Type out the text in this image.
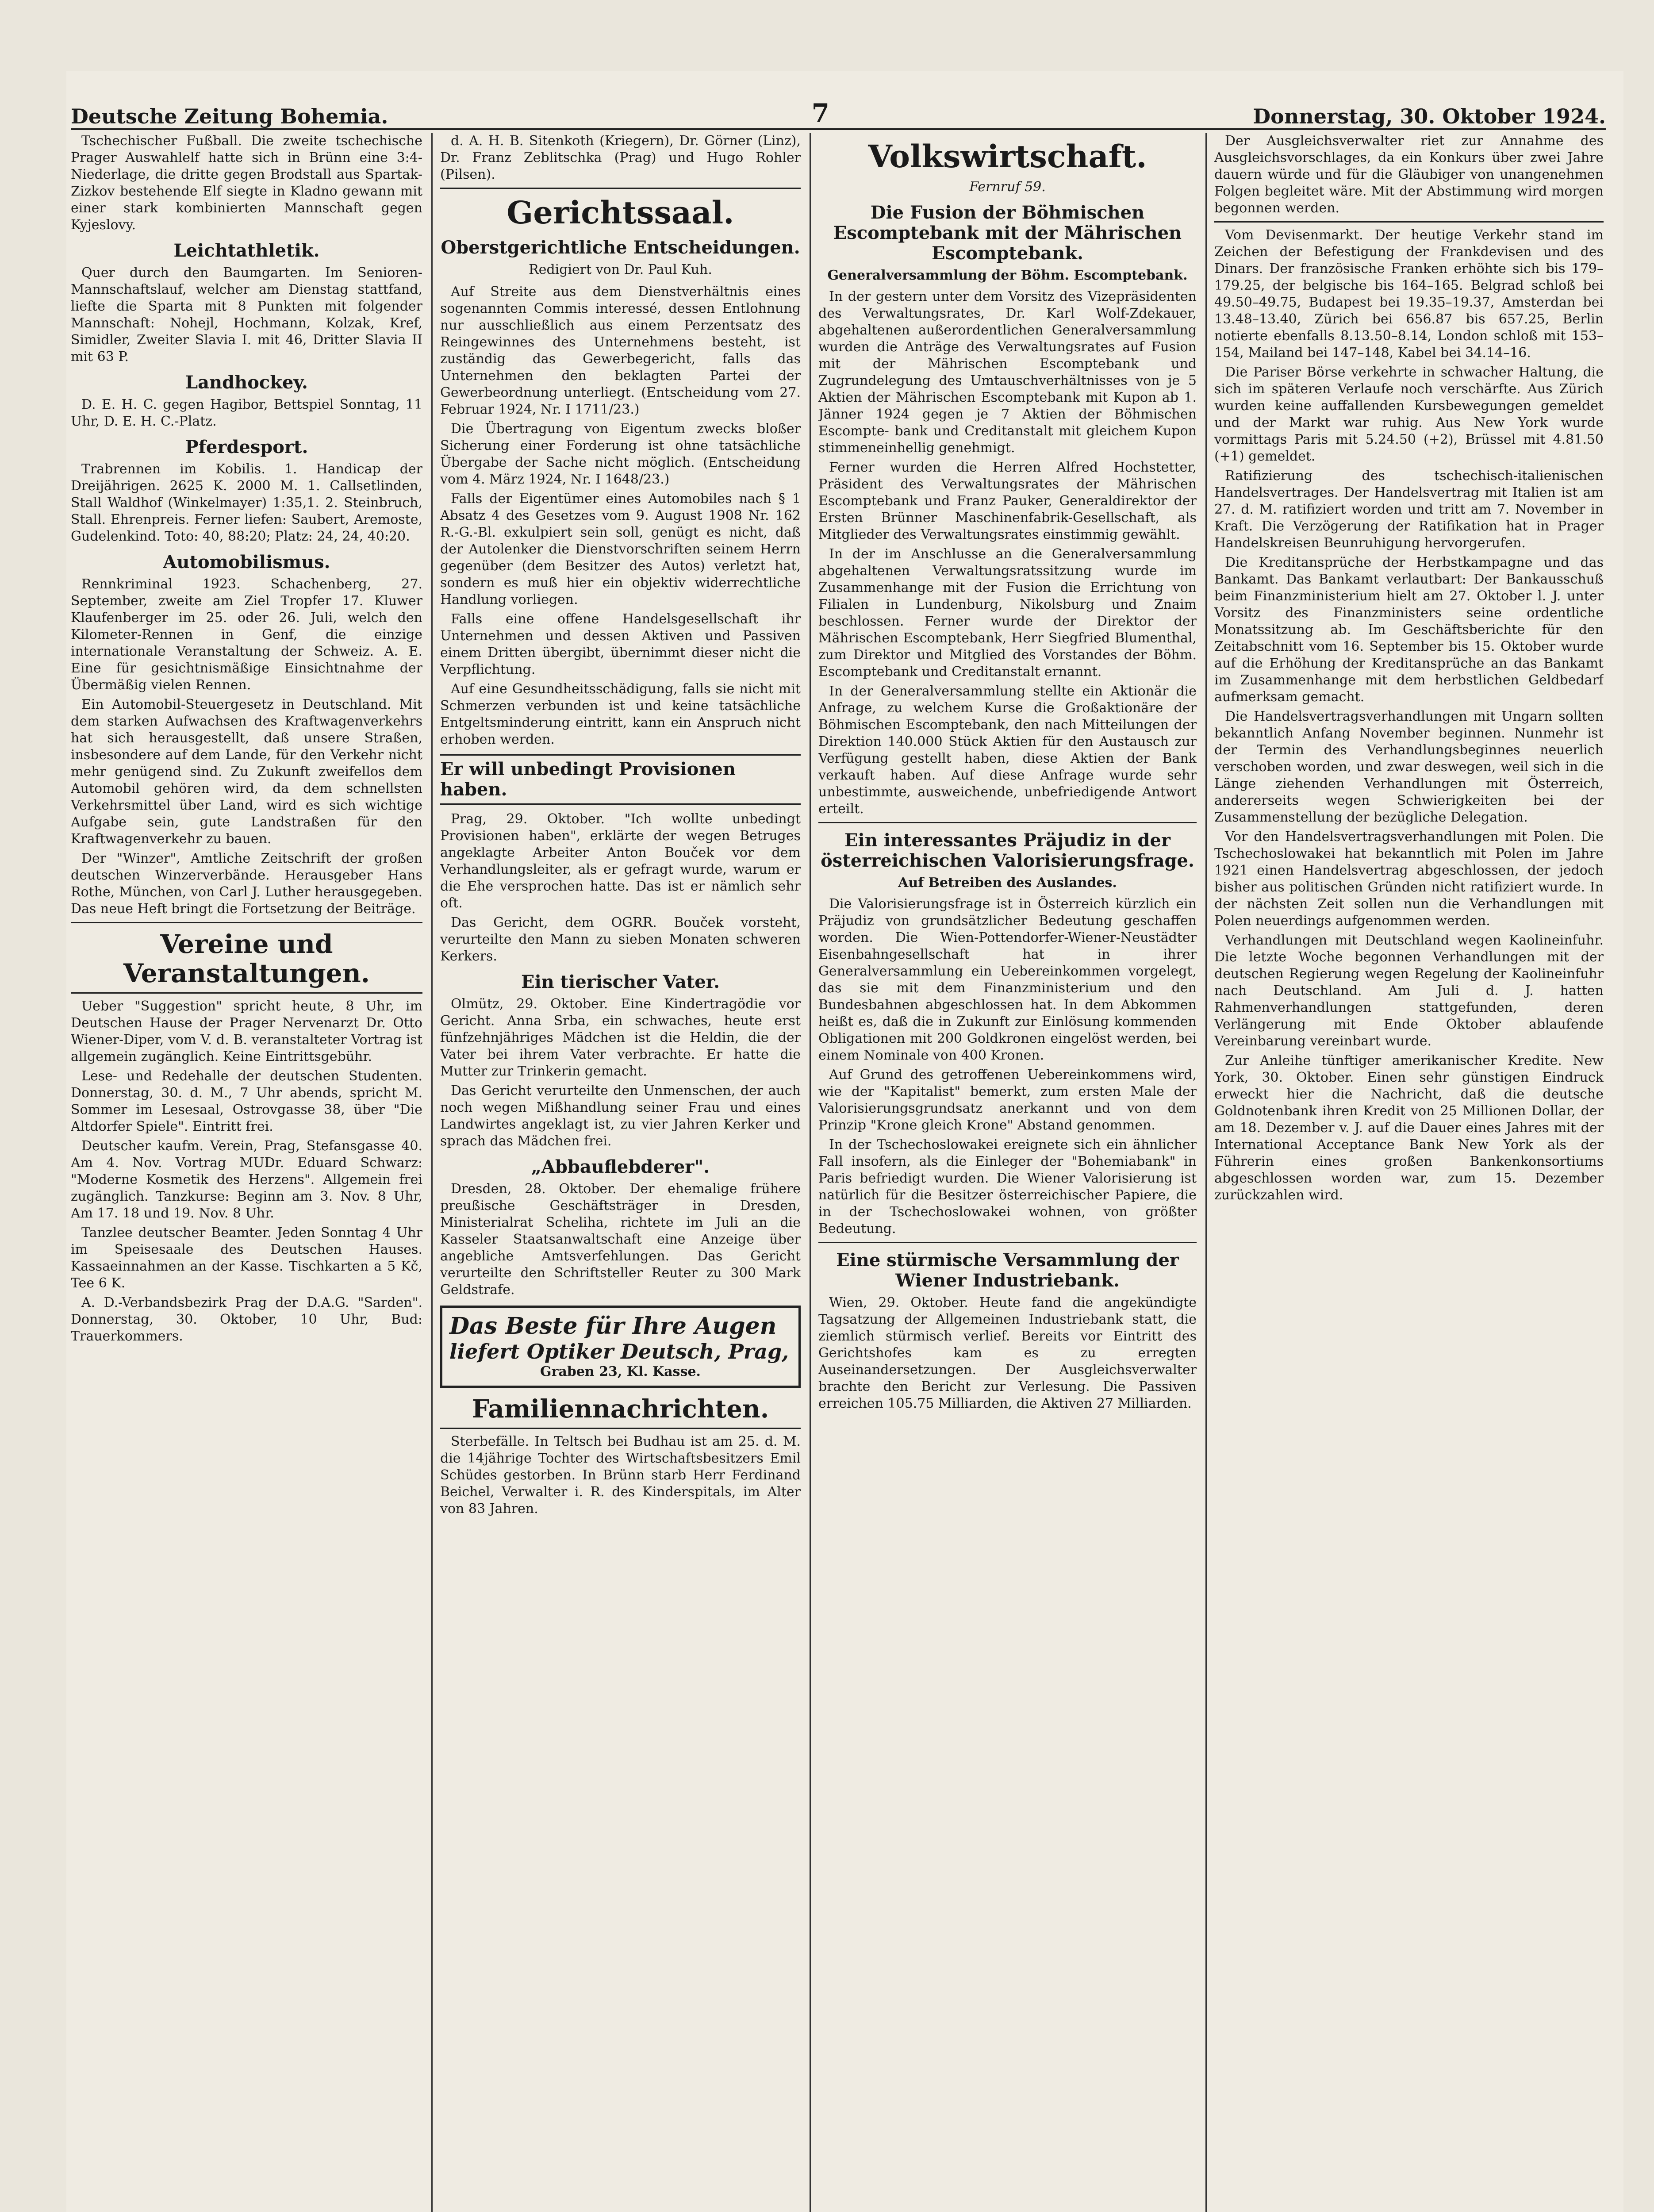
Deutsche Zeitung Bohemia.	7	Donnerstag, 30. Oktober 1924.

Tschechischer Fußball. Die zweite tschechische Prager Auswahlelf hatte sich in Brünn eine 3:4-Niederlage, die dritte gegen Brodstall aus Spartak-Zizkov bestehende Elf siegte in Kladno gewann mit einer stark kombinierten Mannschaft gegen Kyjeslovy.

Leichtathletik.

Quer durch den Baumgarten. Im Senioren-Mannschaftslauf, welcher am Dienstag stattfand, liefte die Sparta mit 8 Punkten mit folgender Mannschaft: Nohejl, Hochmann, Kolzak, Kref, Simidler, Zweiter Slavia I. mit 46, Dritter Slavia II mit 63 P.

Landhockey.

D. E. H. C. gegen Hagibor, Bettspiel Sonntag, 11 Uhr, D. E. H. C.-Platz.

Pferdesport.

Trabrennen im Kobilis. 1. Handicap der Dreijährigen. 2625 K. 2000 M. 1. Callsetlinden, Stall Waldhof (Winkelmayer) 1:35,1. 2. Steinbruch, Stall. Ehrenpreis. Ferner liefen: Saubert, Aremoste, Gudelenkind. Toto: 40, 88:20; Platz: 24, 24, 40:20.

Automobilismus.

Rennkriminal 1923. Schachenberg, 27. September, zweite am Ziel Tropfer 17. Kluwer Klaufenberger im 25. oder 26. Juli, welch den Kilometer-Rennen in Genf, die einzige internationale Veranstaltung der Schweiz. A. E. Eine für gesichtnismäßige Einsichtnahme der Übermäßig vielen Rennen.

Ein Automobil-Steuergesetz in Deutschland. Mit dem starken Aufwachsen des Kraftwagenverkehrs hat sich herausgestellt, daß unsere Straßen, insbesondere auf dem Lande, für den Verkehr nicht mehr genügend sind. Zu Zukunft zweifellos dem Automobil gehören wird, da dem schnellsten Verkehrsmittel über Land, wird es sich wichtige Aufgabe sein, gute Landstraßen für den Kraftwagenverkehr zu bauen.

Der "Winzer", Amtliche Zeitschrift der großen deutschen Winzerverbände. Herausgeber Hans Rothe, München, von Carl J. Luther herausgegeben. Das neue Heft bringt die Fortsetzung der Beiträge.

Vereine und Veranstaltungen.

Ueber "Suggestion" spricht heute, 8 Uhr, im Deutschen Hause der Prager Nervenarzt Dr. Otto Wiener-Diper, vom V. d. B. veranstalteter Vortrag ist allgemein zugänglich. Keine Eintrittsgebühr.

Lese- und Redehalle der deutschen Studenten. Donnerstag, 30. d. M., 7 Uhr abends, spricht M. Sommer im Lesesaal, Ostrovgasse 38, über "Die Altdorfer Spiele". Eintritt frei.

Deutscher kaufm. Verein, Prag, Stefansgasse 40. Am 4. Nov. Vortrag MUDr. Eduard Schwarz: "Moderne Kosmetik des Herzens". Allgemein frei zugänglich. Tanzkurse: Beginn am 3. Nov. 8 Uhr, Am 17. 18 und 19. Nov. 8 Uhr.

Tanzlee deutscher Beamter. Jeden Sonntag 4 Uhr im Speisesaale des Deutschen Hauses. Kassaeinnahmen an der Kasse. Tischkarten a 5 Kč, Tee 6 K.

A. D.-Verbandsbezirk Prag der D.A.G. "Sarden". Donnerstag, 30. Oktober, 10 Uhr, Bud: Trauerkommers.

d. A. H. B. Sitenkoth (Kriegern), Dr. Görner (Linz), Dr. Franz Zeblitschka (Prag) und Hugo Rohler (Pilsen).

Gerichtssaal.
Oberstgerichtliche Entscheidungen.
Redigiert von Dr. Paul Kuh.

Auf Streite aus dem Dienstverhältnis eines sogenannten Commis interessé, dessen Entlohnung nur ausschließlich aus einem Perzentsatz des Reingewinnes des Unternehmens besteht, ist zuständig das Gewerbegericht, falls das Unternehmen den beklagten Partei der Gewerbeordnung unterliegt. (Entscheidung vom 27. Februar 1924, Nr. I 1711/23.)

Die Übertragung von Eigentum zwecks bloßer Sicherung einer Forderung ist ohne tatsächliche Übergabe der Sache nicht möglich. (Entscheidung vom 4. März 1924, Nr. I 1648/23.)

Falls der Eigentümer eines Automobiles nach § 1 Absatz 4 des Gesetzes vom 9. August 1908 Nr. 162 R.-G.-Bl. exkulpiert sein soll, genügt es nicht, daß der Autolenker die Dienstvorschriften seinem Herrn gegenüber (dem Besitzer des Autos) verletzt hat, sondern es muß hier ein objektiv widerrechtliche Handlung vorliegen.

Falls eine offene Handelsgesellschaft ihr Unternehmen und dessen Aktiven und Passiven einem Dritten übergibt, übernimmt dieser nicht die Verpflichtung.

Auf eine Gesundheitsschädigung, falls sie nicht mit Schmerzen verbunden ist und keine tatsächliche Entgeltsminderung eintritt, kann ein Anspruch nicht erhoben werden.

Er will unbedingt Provisionen haben.

Prag, 29. Oktober. "Ich wollte unbedingt Provisionen haben", erklärte der wegen Betruges angeklagte Arbeiter Anton Bouček vor dem Verhandlungsleiter, als er gefragt wurde, warum er die Ehe versprochen hatte. Das ist er nämlich sehr oft.

Das Gericht, dem OGRR. Bouček vorsteht, verurteilte den Mann zu sieben Monaten schweren Kerkers.

Ein tierischer Vater.

Olmütz, 29. Oktober. Eine Kindertragödie vor Gericht. Anna Srba, ein schwaches, heute erst fünfzehnjähriges Mädchen ist die Heldin, die der Vater bei ihrem Vater verbrachte. Er hatte die Mutter zur Trinkerin gemacht.

Das Gericht verurteilte den Unmenschen, der auch noch wegen Mißhandlung seiner Frau und eines Landwirtes angeklagt ist, zu vier Jahren Kerker und sprach das Mädchen frei.

„Abbauflebderer".

Dresden, 28. Oktober. Der ehemalige frühere preußische Geschäftsträger in Dresden, Ministerialrat Scheliha, richtete im Juli an die Kasseler Staatsanwaltschaft eine Anzeige über angebliche Amtsverfehlungen. Das Gericht verurteilte den Schriftsteller Reuter zu 300 Mark Geldstrafe.

Das Beste für Ihre Augen
liefert Optiker Deutsch, Prag,
Graben 23, Kl. Kasse.
Familiennachrichten.

Sterbefälle. In Teltsch bei Budhau ist am 25. d. M. die 14jährige Tochter des Wirtschaftsbesitzers Emil Schüdes gestorben. In Brünn starb Herr Ferdinand Beichel, Verwalter i. R. des Kinderspitals, im Alter von 83 Jahren.

Volkswirtschaft.
Fernruf 59.
Die Fusion der Böhmischen Escomptebank mit der Mährischen Escomptebank.
Generalversammlung der Böhm. Escomptebank.

In der gestern unter dem Vorsitz des Vizepräsidenten des Verwaltungsrates, Dr. Karl Wolf-Zdekauer, abgehaltenen außerordentlichen Generalversammlung wurden die Anträge des Verwaltungsrates auf Fusion mit der Mährischen Escomptebank und Zugrundelegung des Umtauschverhältnisses von je 5 Aktien der Mährischen Escomptebank mit Kupon ab 1. Jänner 1924 gegen je 7 Aktien der Böhmischen Escompte- bank und Creditanstalt mit gleichem Kupon stimmeneinhellig genehmigt.

Ferner wurden die Herren Alfred Hochstetter, Präsident des Verwaltungsrates der Mährischen Escomptebank und Franz Pauker, Generaldirektor der Ersten Brünner Maschinenfabrik-Gesellschaft, als Mitglieder des Verwaltungsrates einstimmig gewählt.

In der im Anschlusse an die Generalversammlung abgehaltenen Verwaltungsratssitzung wurde im Zusammenhange mit der Fusion die Errichtung von Filialen in Lundenburg, Nikolsburg und Znaim beschlossen. Ferner wurde der Direktor der Mährischen Escomptebank, Herr Siegfried Blumenthal, zum Direktor und Mitglied des Vorstandes der Böhm. Escomptebank und Creditanstalt ernannt.

In der Generalversammlung stellte ein Aktionär die Anfrage, zu welchem Kurse die Großaktionäre der Böhmischen Escomptebank, den nach Mitteilungen der Direktion 140.000 Stück Aktien für den Austausch zur Verfügung gestellt haben, diese Aktien der Bank verkauft haben. Auf diese Anfrage wurde sehr unbestimmte, ausweichende, unbefriedigende Antwort erteilt.

Ein interessantes Präjudiz in der österreichischen Valorisierungsfrage.
Auf Betreiben des Auslandes.

Die Valorisierungsfrage ist in Österreich kürzlich ein Präjudiz von grundsätzlicher Bedeutung geschaffen worden. Die Wien-Pottendorfer-Wiener-Neustädter Eisenbahngesellschaft hat in ihrer Generalversammlung ein Uebereinkommen vorgelegt, das sie mit dem Finanzministerium und den Bundesbahnen abgeschlossen hat. In dem Abkommen heißt es, daß die in Zukunft zur Einlösung kommenden Obligationen mit 200 Goldkronen eingelöst werden, bei einem Nominale von 400 Kronen.

Auf Grund des getroffenen Uebereinkommens wird, wie der "Kapitalist" bemerkt, zum ersten Male der Valorisierungsgrundsatz anerkannt und von dem Prinzip "Krone gleich Krone" Abstand genommen.

In der Tschechoslowakei ereignete sich ein ähnlicher Fall insofern, als die Einleger der "Bohemiabank" in Paris befriedigt wurden. Die Wiener Valorisierung ist natürlich für die Besitzer österreichischer Papiere, die in der Tschechoslowakei wohnen, von größter Bedeutung.

Eine stürmische Versammlung der Wiener Industriebank.

Wien, 29. Oktober. Heute fand die angekündigte Tagsatzung der Allgemeinen Industriebank statt, die ziemlich stürmisch verlief. Bereits vor Eintritt des Gerichtshofes kam es zu erregten Auseinandersetzungen. Der Ausgleichsverwalter brachte den Bericht zur Verlesung. Die Passiven erreichen 105.75 Milliarden, die Aktiven 27 Milliarden.

Der Ausgleichsverwalter riet zur Annahme des Ausgleichsvorschlages, da ein Konkurs über zwei Jahre dauern würde und für die Gläubiger von unangenehmen Folgen begleitet wäre. Mit der Abstimmung wird morgen begonnen werden.

Vom Devisenmarkt. Der heutige Verkehr stand im Zeichen der Befestigung der Frankdevisen und des Dinars. Der französische Franken erhöhte sich bis 179–179.25, der belgische bis 164–165. Belgrad schloß bei 49.50–49.75, Budapest bei 19.35–19.37, Amsterdan bei 13.48–13.40, Zürich bei 656.87 bis 657.25, Berlin notierte ebenfalls 8.13.50–8.14, London schloß mit 153–154, Mailand bei 147–148, Kabel bei 34.14–16.

Die Pariser Börse verkehrte in schwacher Haltung, die sich im späteren Verlaufe noch verschärfte. Aus Zürich wurden keine auffallenden Kursbewegungen gemeldet und der Markt war ruhig. Aus New York wurde vormittags Paris mit 5.24.50 (+2), Brüssel mit 4.81.50 (+1) gemeldet.

Ratifizierung des tschechisch-italienischen Handelsvertrages. Der Handelsvertrag mit Italien ist am 27. d. M. ratifiziert worden und tritt am 7. November in Kraft. Die Verzögerung der Ratifikation hat in Prager Handelskreisen Beunruhigung hervorgerufen.

Die Kreditansprüche der Herbstkampagne und das Bankamt. Das Bankamt verlautbart: Der Bankausschuß beim Finanzministerium hielt am 27. Oktober l. J. unter Vorsitz des Finanzministers seine ordentliche Monatssitzung ab. Im Geschäftsberichte für den Zeitabschnitt vom 16. September bis 15. Oktober wurde auf die Erhöhung der Kreditansprüche an das Bankamt im Zusammenhange mit dem herbstlichen Geldbedarf aufmerksam gemacht.

Die Handelsvertragsverhandlungen mit Ungarn sollten bekanntlich Anfang November beginnen. Nunmehr ist der Termin des Verhandlungsbeginnes neuerlich verschoben worden, und zwar deswegen, weil sich in die Länge ziehenden Verhandlungen mit Österreich, andererseits wegen Schwierigkeiten bei der Zusammenstellung der bezügliche Delegation.

Vor den Handelsvertragsverhandlungen mit Polen. Die Tschechoslowakei hat bekanntlich mit Polen im Jahre 1921 einen Handelsvertrag abgeschlossen, der jedoch bisher aus politischen Gründen nicht ratifiziert wurde. In der nächsten Zeit sollen nun die Verhandlungen mit Polen neuerdings aufgenommen werden.

Verhandlungen mit Deutschland wegen Kaolineinfuhr. Die letzte Woche begonnen Verhandlungen mit der deutschen Regierung wegen Regelung der Kaolineinfuhr nach Deutschland. Am Juli d. J. hatten Rahmenverhandlungen stattgefunden, deren Verlängerung mit Ende Oktober ablaufende Vereinbarung vereinbart wurde.

Zur Anleihe tünftiger amerikanischer Kredite. New York, 30. Oktober. Einen sehr günstigen Eindruck erweckt hier die Nachricht, daß die deutsche Goldnotenbank ihren Kredit von 25 Millionen Dollar, der am 18. Dezember v. J. auf die Dauer eines Jahres mit der International Acceptance Bank New York als der Führerin eines großen Bankenkonsortiums abgeschlossen worden war, zum 15. Dezember zurückzahlen wird.
